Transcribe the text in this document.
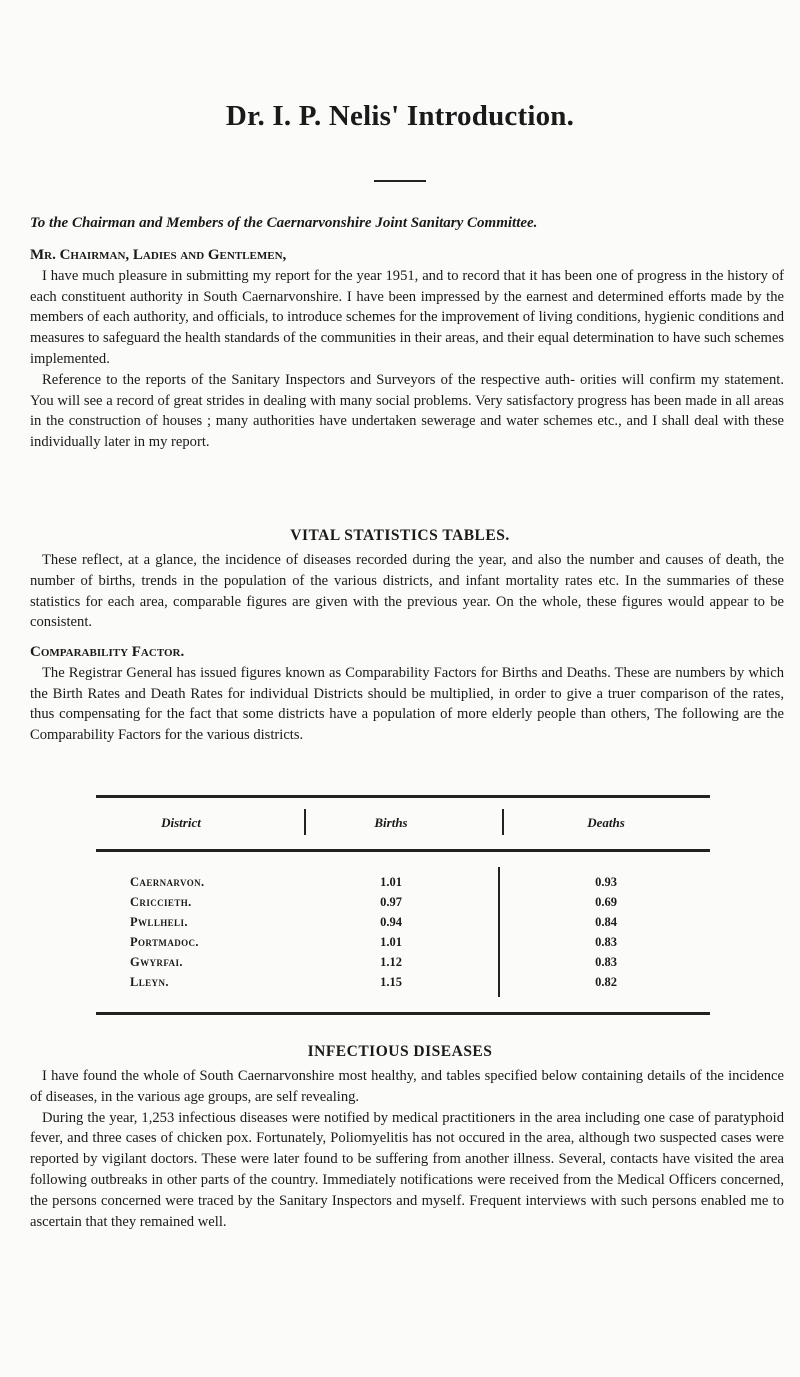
Dr. I. P. Nelis' Introduction.
To the Chairman and Members of the Caernarvonshire Joint Sanitary Committee.

Mr. Chairman, Ladies and Gentlemen,

I have much pleasure in submitting my report for the year 1951, and to record that it has been one of progress in the history of each constituent authority in South Caernarvonshire. I have been impressed by the earnest and determined efforts made by the members of each authority, and officials, to introduce schemes for the improvement of living conditions, hygienic conditions and measures to safeguard the health standards of the communities in their areas, and their equal determination to have such schemes implemented.

Reference to the reports of the Sanitary Inspectors and Surveyors of the respective auth- orities will confirm my statement. You will see a record of great strides in dealing with many social problems. Very satisfactory progress has been made in all areas in the construction of houses ; many authorities have undertaken sewerage and water schemes etc., and I shall deal with these individually later in my report.

VITAL STATISTICS TABLES.

These reflect, at a glance, the incidence of diseases recorded during the year, and also the number and causes of death, the number of births, trends in the population of the various districts, and infant mortality rates etc. In the summaries of these statistics for each area, comparable figures are given with the previous year. On the whole, these figures would appear to be consistent.

Comparability Factor.

The Registrar General has issued figures known as Comparability Factors for Births and Deaths. These are numbers by which the Birth Rates and Death Rates for individual Districts should be multiplied, in order to give a truer comparison of the rates, thus compensating for the fact that some districts have a population of more elderly people than others, The following are the Comparability Factors for the various districts.

District	Births	Deaths
Caernarvon.	1.01	0.93
Criccieth.	0.97	0.69
Pwllheli.	0.94	0.84
Portmadoc.	1.01	0.83
Gwyrfai.	1.12	0.83
Lleyn.	1.15	0.82
INFECTIOUS DISEASES

I have found the whole of South Caernarvonshire most healthy, and tables specified below containing details of the incidence of diseases, in the various age groups, are self revealing.

During the year, 1,253 infectious diseases were notified by medical practitioners in the area including one case of paratyphoid fever, and three cases of chicken pox. Fortunately, Poliomyelitis has not occured in the area, although two suspected cases were reported by vigilant doctors. These were later found to be suffering from another illness. Several, contacts have visited the area following outbreaks in other parts of the country. Immediately notifications were received from the Medical Officers concerned, the persons concerned were traced by the Sanitary Inspectors and myself. Frequent interviews with such persons enabled me to ascertain that they remained well.
